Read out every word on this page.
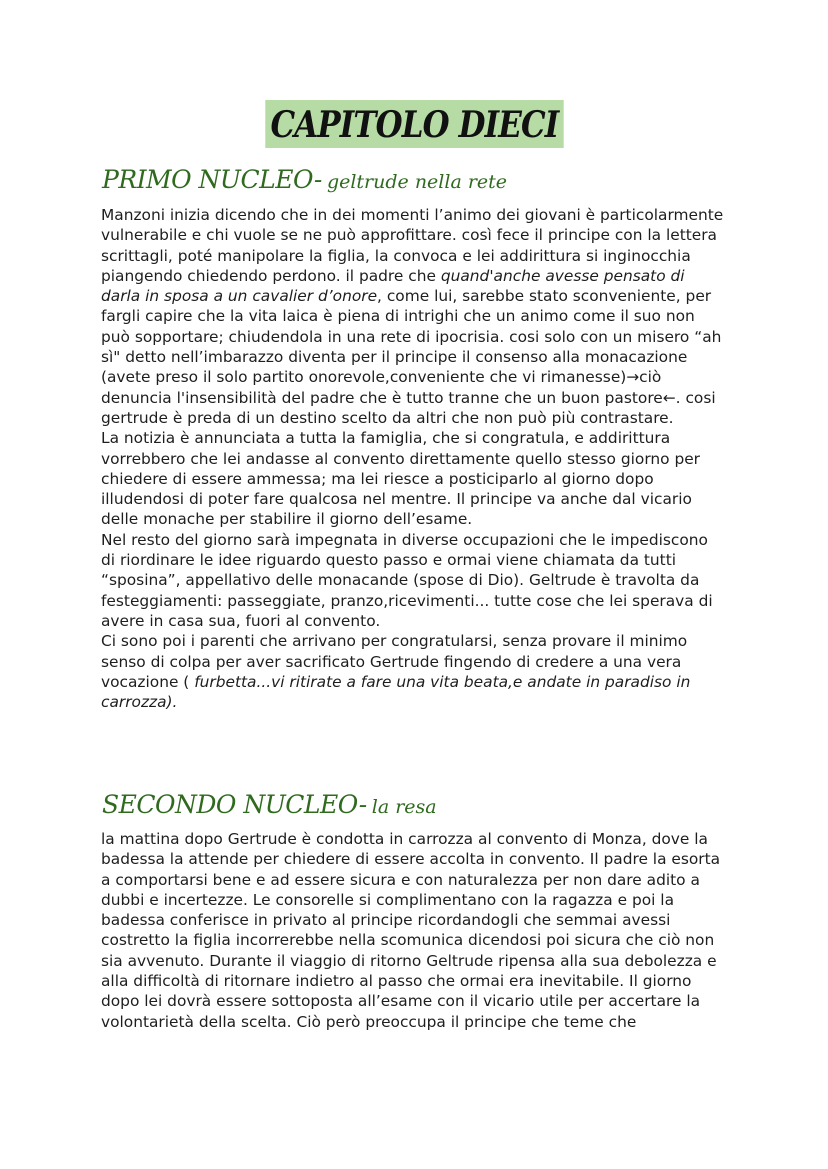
CAPITOLO DIECI
PRIMO NUCLEO- geltrude nella rete

Manzoni inizia dicendo che in dei momenti l’animo dei giovani è particolarmente vulnerabile e chi vuole se ne può approfittare. così fece il principe con la lettera scrittagli, poté manipolare la figlia, la convoca e lei addirittura si inginocchia piangendo chiedendo perdono. il padre che quand'anche avesse pensato di darla in sposa a un cavalier d’onore, come lui, sarebbe stato sconveniente, per fargli capire che la vita laica è piena di intrighi che un animo come il suo non può sopportare; chiudendola in una rete di ipocrisia. cosi solo con un misero “ah sì" detto nell’imbarazzo diventa per il principe il consenso alla monacazione (avete preso il solo partito onorevole,conveniente che vi rimanesse)→ciò denuncia l'insensibilità del padre che è tutto tranne che un buon pastore←. cosi gertrude è preda di un destino scelto da altri che non può più contrastare.

La notizia è annunciata a tutta la famiglia, che si congratula, e addirittura vorrebbero che lei andasse al convento direttamente quello stesso giorno per chiedere di essere ammessa; ma lei riesce a posticiparlo al giorno dopo illudendosi di poter fare qualcosa nel mentre. Il principe va anche dal vicario delle monache per stabilire il giorno dell’esame.

Nel resto del giorno sarà impegnata in diverse occupazioni che le impediscono di riordinare le idee riguardo questo passo e ormai viene chiamata da tutti “sposina”, appellativo delle monacande (spose di Dio). Geltrude è travolta da festeggiamenti: passeggiate, pranzo,ricevimenti... tutte cose che lei sperava di avere in casa sua, fuori al convento.

Ci sono poi i parenti che arrivano per congratularsi, senza provare il minimo senso di colpa per aver sacrificato Gertrude fingendo di credere a una vera vocazione ( furbetta...vi ritirate a fare una vita beata,e andate in paradiso in carrozza).

SECONDO NUCLEO- la resa

la mattina dopo Gertrude è condotta in carrozza al convento di Monza, dove la badessa la attende per chiedere di essere accolta in convento. Il padre la esorta a comportarsi bene e ad essere sicura e con naturalezza per non dare adito a dubbi e incertezze. Le consorelle si complimentano con la ragazza e poi la badessa conferisce in privato al principe ricordandogli che semmai avessi costretto la figlia incorrerebbe nella scomunica dicendosi poi sicura che ciò non sia avvenuto. Durante il viaggio di ritorno Geltrude ripensa alla sua debolezza e alla difficoltà di ritornare indietro al passo che ormai era inevitabile. Il giorno dopo lei dovrà essere sottoposta all’esame con il vicario utile per accertare la volontarietà della scelta. Ciò però preoccupa il principe che teme che
